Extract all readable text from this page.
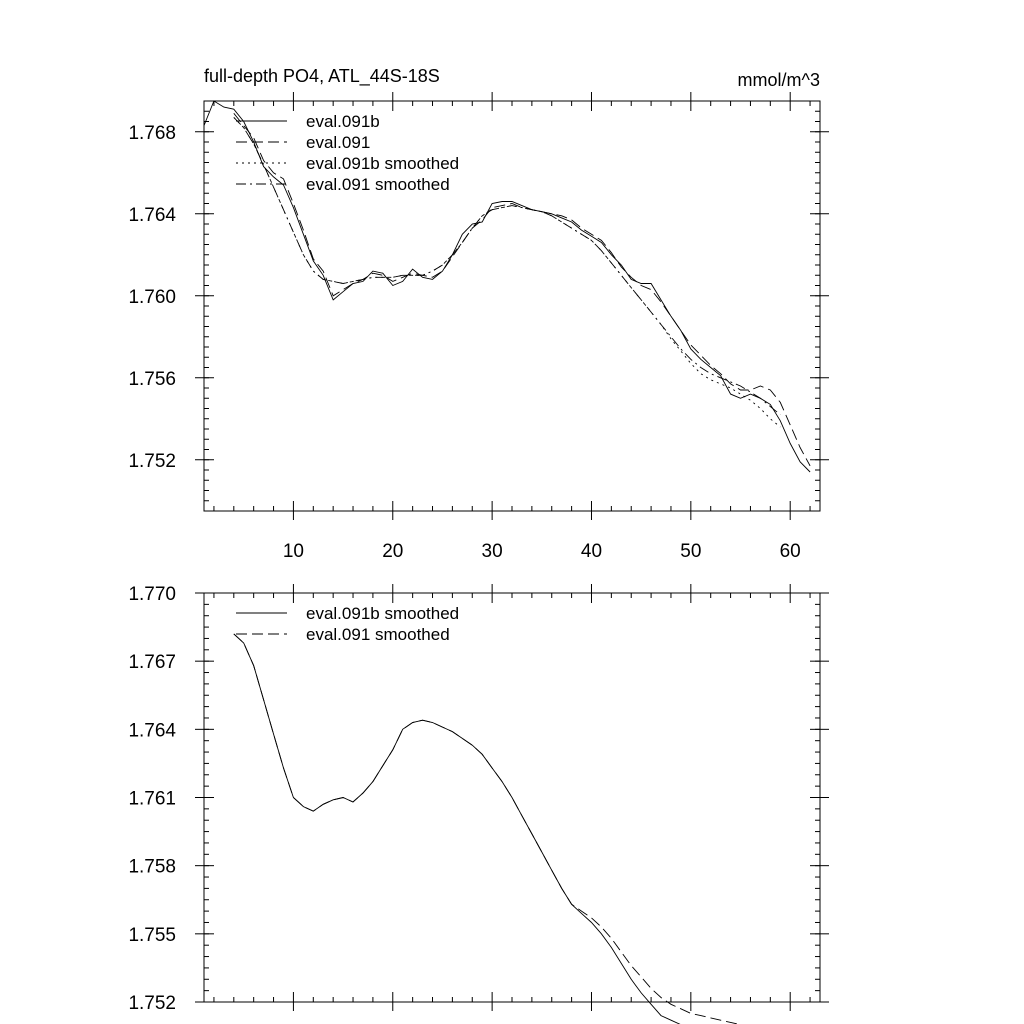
full-depth PO4, ATL_44S-18S	mmol/m^3
10	20	30	40	50	60
1.752
1.756
1.760
1.764
1.768
eval.091b
eval.091
eval.091b smoothed
eval.091 smoothed
1.752
1.755
1.758
1.761
1.764
1.767
1.770
eval.091b smoothed
eval.091 smoothed
